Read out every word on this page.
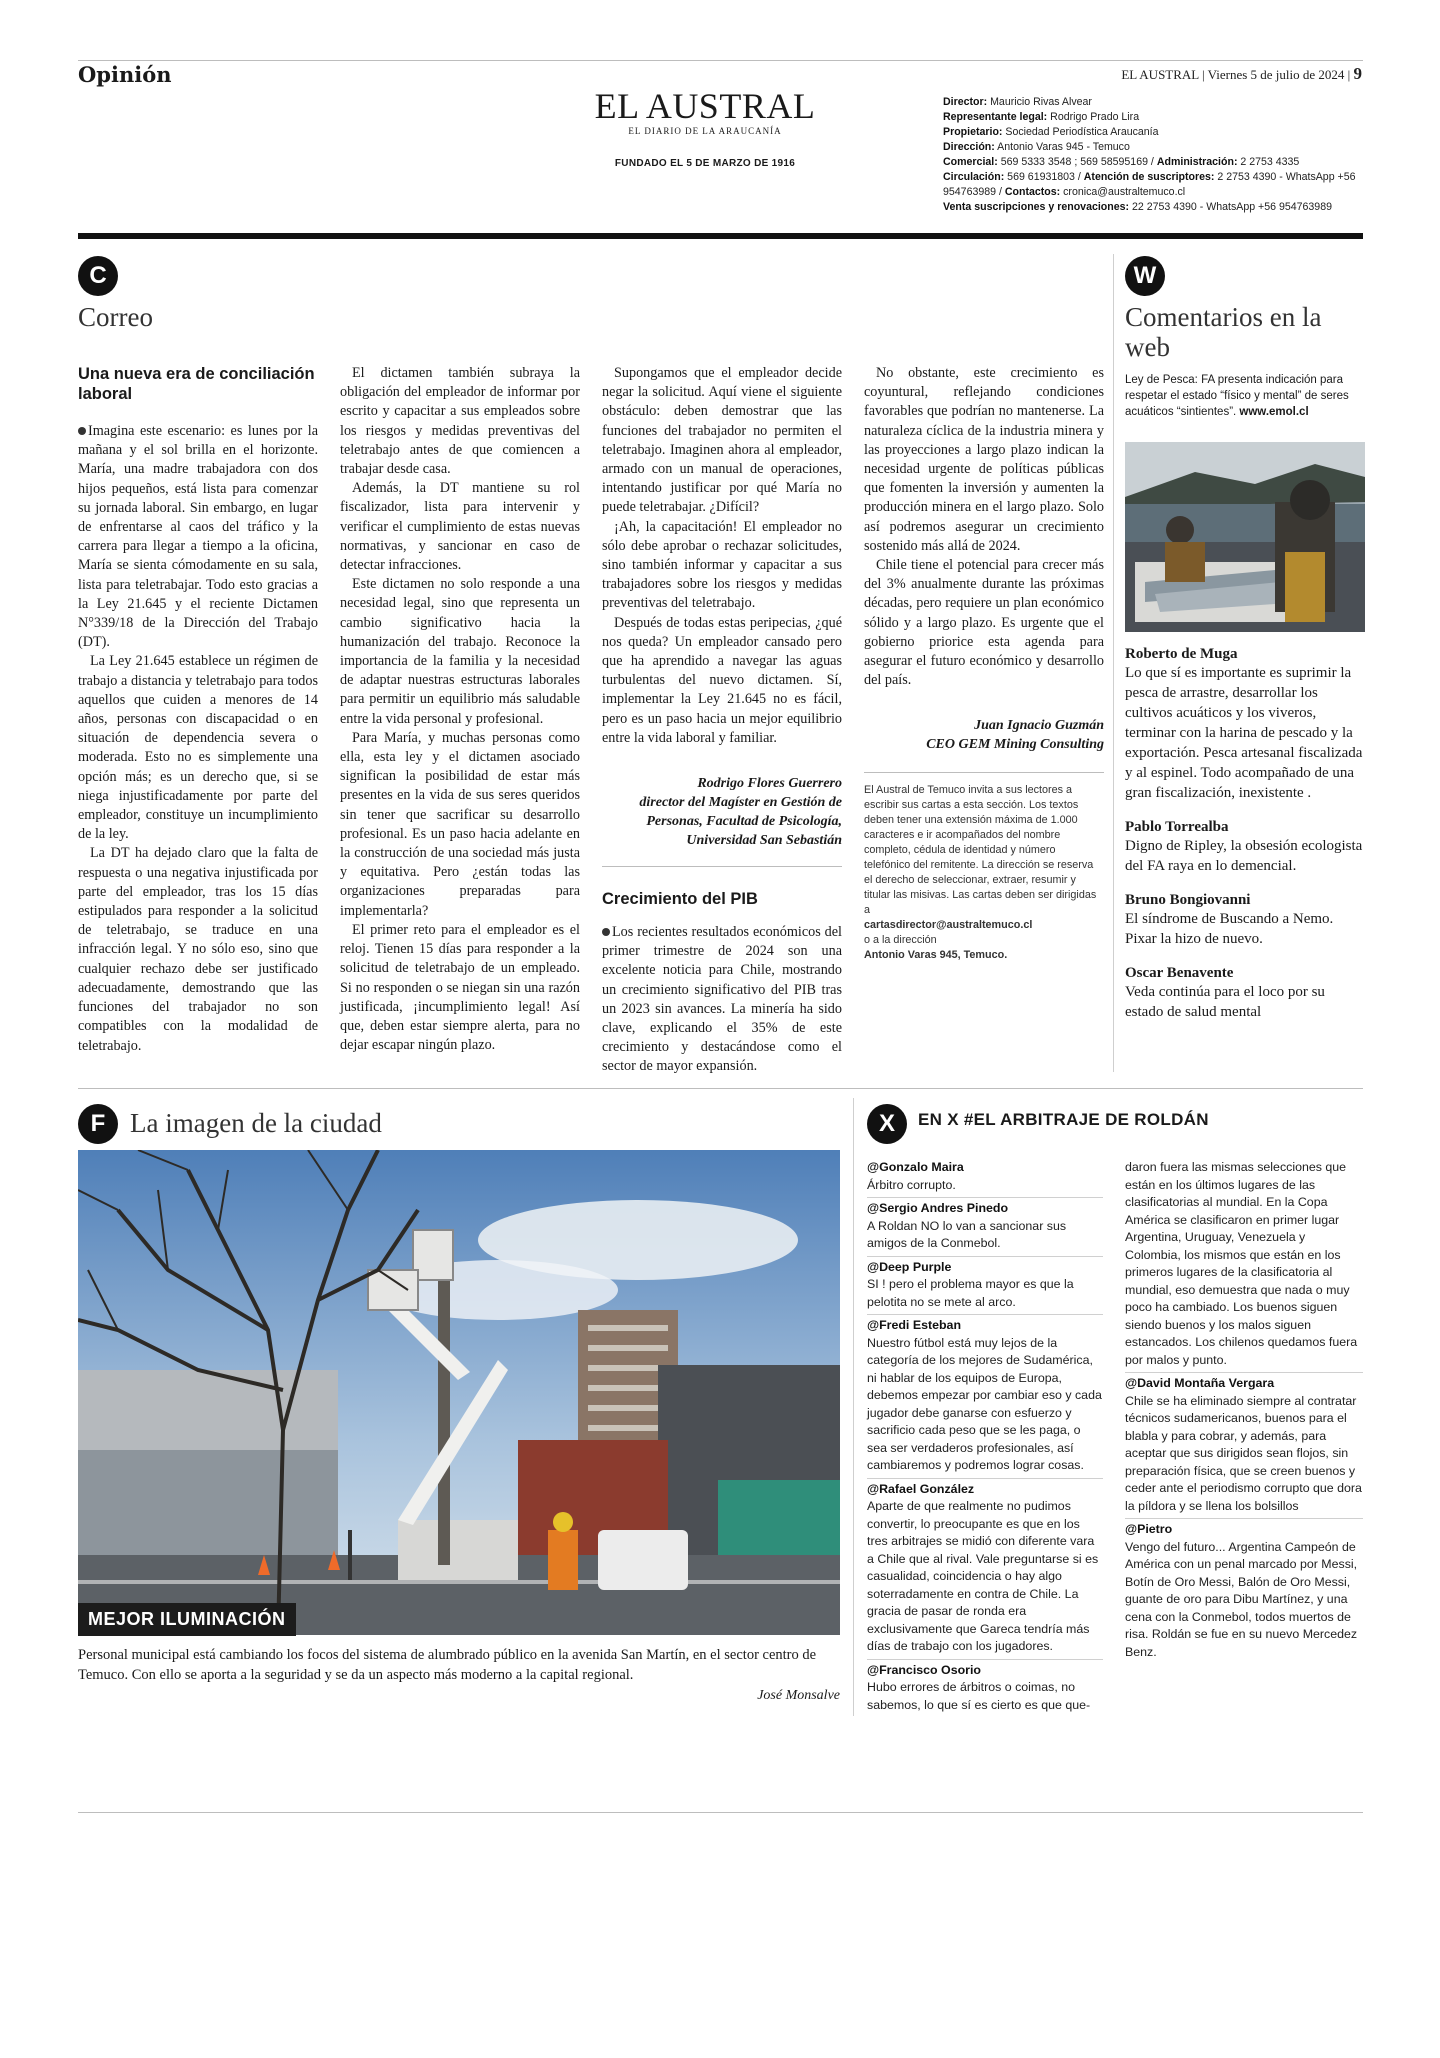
Opinión
EL AUSTRAL
EL DIARIO DE LA ARAUCANÍA
FUNDADO EL 5 DE MARZO DE 1916
EL AUSTRAL | Viernes 5 de julio de 2024 | 9
Director: Mauricio Rivas Alvear
Representante legal: Rodrigo Prado Lira
Propietario: Sociedad Periodística Araucanía
Dirección: Antonio Varas 945 - Temuco
Comercial: 569 5333 3548 ; 569 58595169 / Administración: 2 2753 4335
Circulación: 569 61931803 / Atención de suscriptores: 2 2753 4390 - WhatsApp +56 954763989 / Contactos: cronica@australtemuco.cl
Venta suscripciones y renovaciones: 22 2753 4390 - WhatsApp +56 954763989
C
Correo
Una nueva era de conciliación laboral

Imagina este escenario: es lunes por la mañana y el sol brilla en el horizonte. María, una madre trabajadora con dos hijos pequeños, está lista para comenzar su jornada laboral. Sin embargo, en lugar de enfrentarse al caos del tráfico y la carrera para llegar a tiempo a la oficina, María se sienta cómodamente en su sala, lista para teletrabajar. Todo esto gracias a la Ley 21.645 y el reciente Dictamen N°339/18 de la Dirección del Trabajo (DT).

La Ley 21.645 establece un régimen de trabajo a distancia y teletrabajo para todos aquellos que cuiden a menores de 14 años, personas con discapacidad o en situación de dependencia severa o moderada. Esto no es simplemente una opción más; es un derecho que, si se niega injustificadamente por parte del empleador, constituye un incumplimiento de la ley.

La DT ha dejado claro que la falta de respuesta o una negativa injustificada por parte del empleador, tras los 15 días estipulados para responder a la solicitud de teletrabajo, se traduce en una infracción legal. Y no sólo eso, sino que cualquier rechazo debe ser justificado adecuadamente, demostrando que las funciones del trabajador no son compatibles con la modalidad de teletrabajo.

El dictamen también subraya la obligación del empleador de informar por escrito y capacitar a sus empleados sobre los riesgos y medidas preventivas del teletrabajo antes de que comiencen a trabajar desde casa.

Además, la DT mantiene su rol fiscalizador, lista para intervenir y verificar el cumplimiento de estas nuevas normativas, y sancionar en caso de detectar infracciones.

Este dictamen no solo responde a una necesidad legal, sino que representa un cambio significativo hacia la humanización del trabajo. Reconoce la importancia de la familia y la necesidad de adaptar nuestras estructuras laborales para permitir un equilibrio más saludable entre la vida personal y profesional.

Para María, y muchas personas como ella, esta ley y el dictamen asociado significan la posibilidad de estar más presentes en la vida de sus seres queridos sin tener que sacrificar su desarrollo profesional. Es un paso hacia adelante en la construcción de una sociedad más justa y equitativa. Pero ¿están todas las organizaciones preparadas para implementarla?

El primer reto para el empleador es el reloj. Tienen 15 días para responder a la solicitud de teletrabajo de un empleado. Si no responden o se niegan sin una razón justificada, ¡incumplimiento legal! Así que, deben estar siempre alerta, para no dejar escapar ningún plazo.

Supongamos que el empleador decide negar la solicitud. Aquí viene el siguiente obstáculo: deben demostrar que las funciones del trabajador no permiten el teletrabajo. Imaginen ahora al empleador, armado con un manual de operaciones, intentando justificar por qué María no puede teletrabajar. ¿Difícil?

¡Ah, la capacitación! El empleador no sólo debe aprobar o rechazar solicitudes, sino también informar y capacitar a sus trabajadores sobre los riesgos y medidas preventivas del teletrabajo.

Después de todas estas peripecias, ¿qué nos queda? Un empleador cansado pero que ha aprendido a navegar las aguas turbulentas del nuevo dictamen. Sí, implementar la Ley 21.645 no es fácil, pero es un paso hacia un mejor equilibrio entre la vida laboral y familiar.

Rodrigo Flores Guerrero
director del Magíster en Gestión de Personas, Facultad de Psicología, Universidad San Sebastián
Crecimiento del PIB

Los recientes resultados económicos del primer trimestre de 2024 son una excelente noticia para Chile, mostrando un crecimiento significativo del PIB tras un 2023 sin avances. La minería ha sido clave, explicando el 35% de este crecimiento y destacándose como el sector de mayor expansión.

No obstante, este crecimiento es coyuntural, reflejando condiciones favorables que podrían no mantenerse. La naturaleza cíclica de la industria minera y las proyecciones a largo plazo indican la necesidad urgente de políticas públicas que fomenten la inversión y aumenten la producción minera en el largo plazo. Solo así podremos asegurar un crecimiento sostenido más allá de 2024.

Chile tiene el potencial para crecer más del 3% anualmente durante las próximas décadas, pero requiere un plan económico sólido y a largo plazo. Es urgente que el gobierno priorice esta agenda para asegurar el futuro económico y desarrollo del país.

Juan Ignacio Guzmán
CEO GEM Mining Consulting
El Austral de Temuco invita a sus lectores a escribir sus cartas a esta sección. Los textos deben tener una extensión máxima de 1.000 caracteres e ir acompañados del nombre completo, cédula de identidad y número telefónico del remitente. La dirección se reserva el derecho de seleccionar, extraer, resumir y titular las misivas. Las cartas deben ser dirigidas a
cartasdirector@australtemuco.cl
o a la dirección
Antonio Varas 945, Temuco.
W
Comentarios en la web
Ley de Pesca: FA presenta indicación para respetar el estado “físico y mental” de seres acuáticos “sintientes”. www.emol.cl
Roberto de Muga
Lo que sí es importante es suprimir la pesca de arrastre, desarrollar los cultivos acuáticos y los viveros, terminar con la harina de pescado y la exportación. Pesca artesanal fiscalizada y al espinel. Todo acompañado de una gran fiscalización, inexistente .
Pablo Torrealba
Digno de Ripley, la obsesión ecologista del FA raya en lo demencial.
Bruno Bongiovanni
El síndrome de Buscando a Nemo. Pixar la hizo de nuevo.
Oscar Benavente
Veda continúa para el loco por su estado de salud mental
F La imagen de la ciudad
MEJOR ILUMINACIÓN
Personal municipal está cambiando los focos del sistema de alumbrado público en la avenida San Martín, en el sector centro de Temuco. Con ello se aporta a la seguridad y se da un aspecto más moderno a la capital regional.
José Monsalve
X	EN X #EL ARBITRAJE DE ROLDÁN
@Gonzalo Maira
Árbitro corrupto.
@Sergio Andres Pinedo
A Roldan NO lo van a sancionar sus amigos de la Conmebol.
@Deep Purple
SI ! pero el problema mayor es que la pelotita no se mete al arco.
@Fredi Esteban
Nuestro fútbol está muy lejos de la categoría de los mejores de Sudamérica, ni hablar de los equipos de Europa, debemos empezar por cambiar eso y cada jugador debe ganarse con esfuerzo y sacrificio cada peso que se les paga, o sea ser verdaderos profesionales, así cambiaremos y podremos lograr cosas.
@Rafael González
Aparte de que realmente no pudimos convertir, lo preocupante es que en los tres arbitrajes se midió con diferente vara a Chile que al rival. Vale preguntarse si es casualidad, coincidencia o hay algo soterradamente en contra de Chile. La gracia de pasar de ronda era exclusivamente que Gareca tendría más días de trabajo con los jugadores.
@Francisco Osorio
Hubo errores de árbitros o coimas, no sabemos, lo que sí es cierto es que que-
daron fuera las mismas selecciones que están en los últimos lugares de las clasificatorias al mundial. En la Copa América se clasificaron en primer lugar Argentina, Uruguay, Venezuela y Colombia, los mismos que están en los primeros lugares de la clasificatoria al mundial, eso demuestra que nada o muy poco ha cambiado. Los buenos siguen siendo buenos y los malos siguen estancados. Los chilenos quedamos fuera por malos y punto.
@David Montaña Vergara
Chile se ha eliminado siempre al contratar técnicos sudamericanos, buenos para el blabla y para cobrar, y además, para aceptar que sus dirigidos sean flojos, sin preparación física, que se creen buenos y ceder ante el periodismo corrupto que dora la píldora y se llena los bolsillos
@Pietro
Vengo del futuro... Argentina Campeón de América con un penal marcado por Messi, Botín de Oro Messi, Balón de Oro Messi, guante de oro para Dibu Martínez, y una cena con la Conmebol, todos muertos de risa. Roldán se fue en su nuevo Mercedez Benz.
